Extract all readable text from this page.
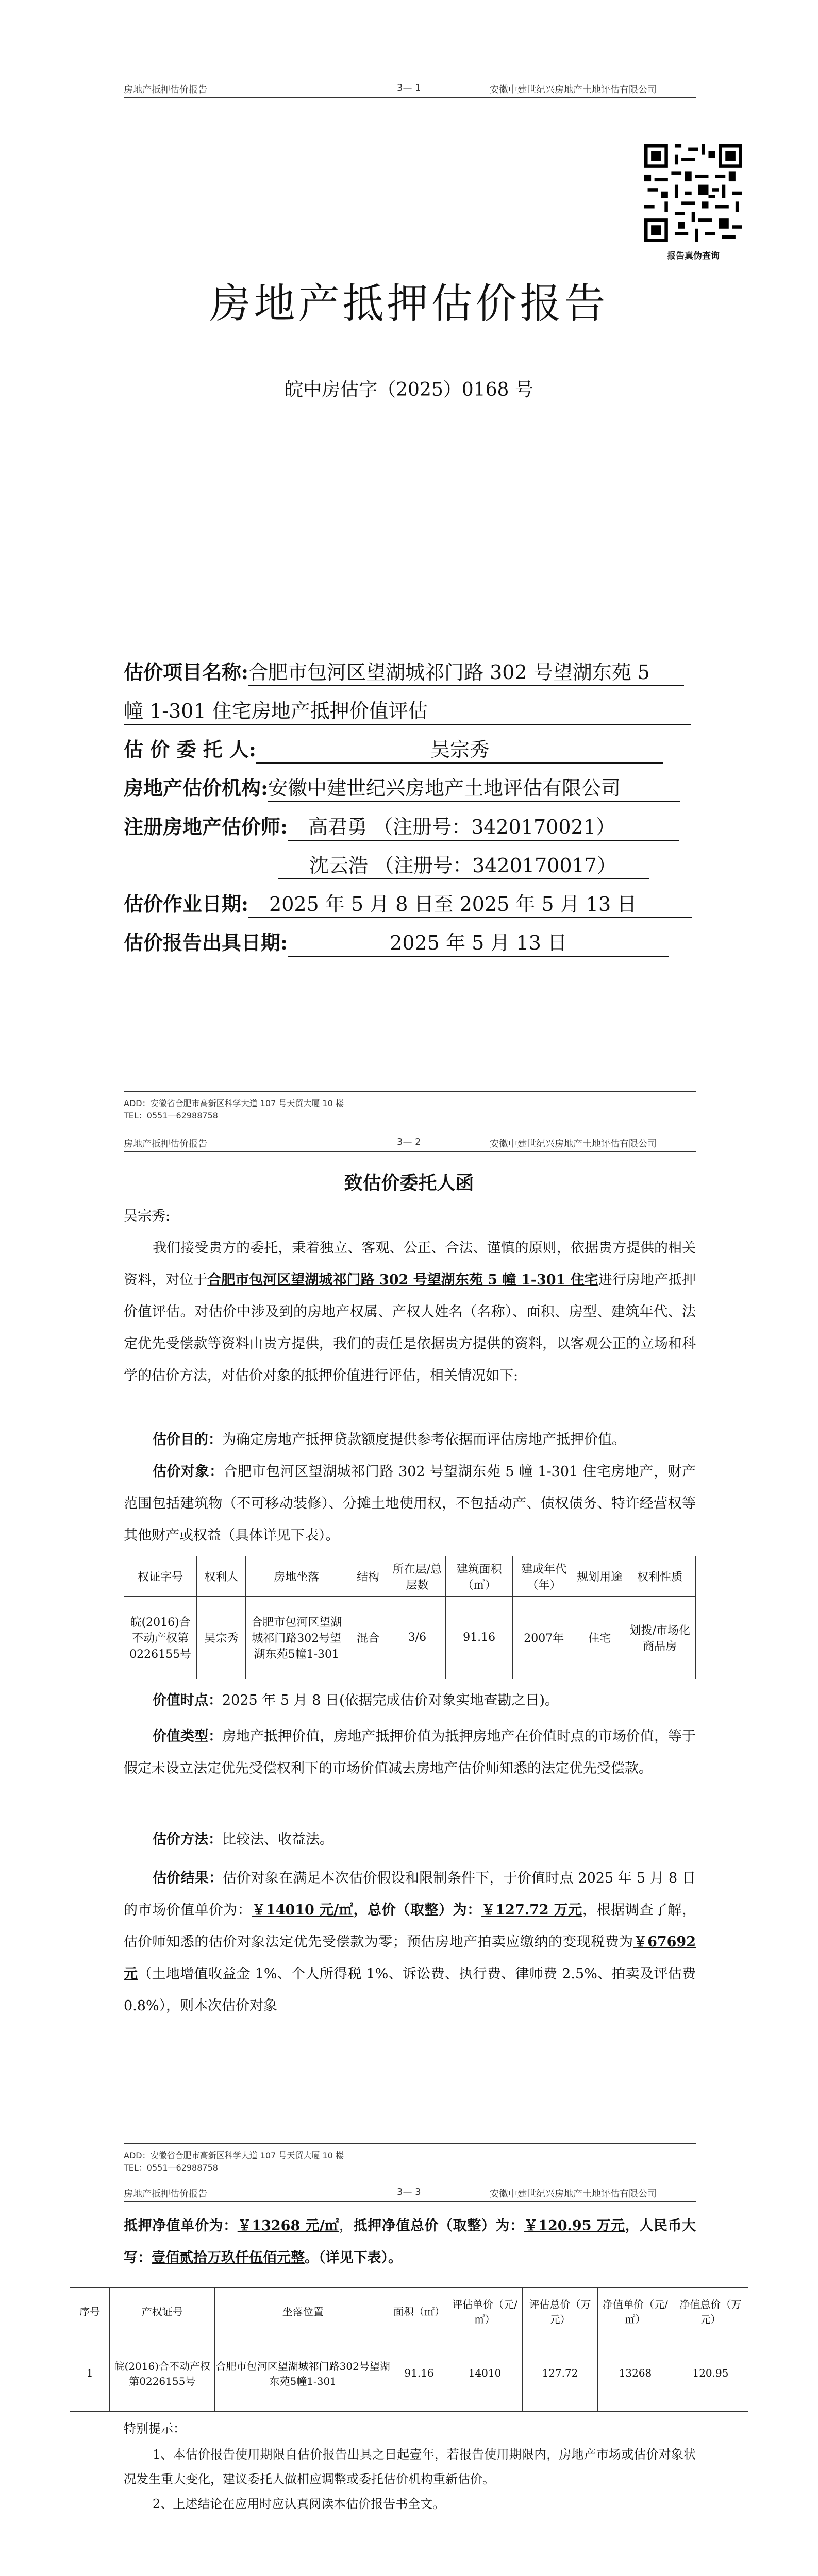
房地产抵押估价报告	3— 1	安徽中建世纪兴房地产土地评估有限公司
报告真伪查询
房地产抵押估价报告
皖中房估字（2025）0168 号
估价项目名称:合肥市包河区望湖城祁门路 302 号望湖东苑 5
幢 1-301 住宅房地产抵押价值评估
估 价 委 托 人:	吴宗秀
房地产估价机构:安徽中建世纪兴房地产土地评估有限公司
注册房地产估价师: 高君勇 （注册号：3420170021）
沈云浩 （注册号：3420170017）
估价作业日期: 2025 年 5 月 8 日至 2025 年 5 月 13 日
估价报告出具日期:	2025 年 5 月 13 日
ADD：安徽省合肥市高新区科学大道 107 号天贸大厦 10 楼
TEL：0551—62988758
房地产抵押估价报告	3— 2	安徽中建世纪兴房地产土地评估有限公司
致估价委托人函
吴宗秀:
我们接受贵方的委托，秉着独立、客观、公正、合法、谨慎的原则，依据贵方提供的相关资料，对位于合肥市包河区望湖城祁门路 302 号望湖东苑 5 幢 1-301 住宅进行房地产抵押价值评估。对估价中涉及到的房地产权属、产权人姓名（名称）、面积、房型、建筑年代、法定优先受偿款等资料由贵方提供，我们的责任是依据贵方提供的资料，以客观公正的立场和科学的估价方法，对估价对象的抵押价值进行评估，相关情况如下:
估价目的：为确定房地产抵押贷款额度提供参考依据而评估房地产抵押价值。
估价对象：合肥市包河区望湖城祁门路 302 号望湖东苑 5 幢 1-301 住宅房地产，财产范围包括建筑物（不可移动装修）、分摊土地使用权，不包括动产、债权债务、特许经营权等其他财产或权益（具体详见下表）。
权证字号	权利人	房地坐落	结构	所在层/总层数	建筑面积（㎡）	建成年代（年）	规划用途	权利性质
皖(2016)合不动产权第0226155号	吴宗秀	合肥市包河区望湖城祁门路302号望湖东苑5幢1-301	混合	3/6	91.16	2007年	住宅	划拨/市场化商品房
价值时点：2025 年 5 月 8 日(依据完成估价对象实地查勘之日)。
价值类型：房地产抵押价值，房地产抵押价值为抵押房地产在价值时点的市场价值，等于假定未设立法定优先受偿权利下的市场价值减去房地产估价师知悉的法定优先受偿款。
估价方法：比较法、收益法。
估价结果：估价对象在满足本次估价假设和限制条件下，于价值时点 2025 年 5 月 8 日的市场价值单价为：￥14010 元/㎡，总价（取整）为：￥127.72 万元，根据调查了解，估价师知悉的估价对象法定优先受偿款为零；预估房地产拍卖应缴纳的变现税费为￥67692 元（土地增值收益金 1%、个人所得税 1%、诉讼费、执行费、律师费 2.5%、拍卖及评估费 0.8%），则本次估价对象
ADD：安徽省合肥市高新区科学大道 107 号天贸大厦 10 楼
TEL：0551—62988758
房地产抵押估价报告	3— 3	安徽中建世纪兴房地产土地评估有限公司
抵押净值单价为：￥13268 元/㎡，抵押净值总价（取整）为：￥120.95 万元，人民币大写：壹佰贰拾万玖仟伍佰元整。（详见下表）。
序号	产权证号	坐落位置	面积（㎡）	评估单价（元/㎡）	评估总价（万元）	净值单价（元/㎡）	净值总价（万元）
1	皖(2016)合不动产权第0226155号	合肥市包河区望湖城祁门路302号望湖东苑5幢1-301	91.16	14010	127.72	13268	120.95
特别提示：
1、本估价报告使用期限自估价报告出具之日起壹年，若报告使用期限内，房地产市场或估价对象状况发生重大变化，建议委托人做相应调整或委托估价机构重新估价。
2、上述结论在应用时应认真阅读本估价报告书全文。
